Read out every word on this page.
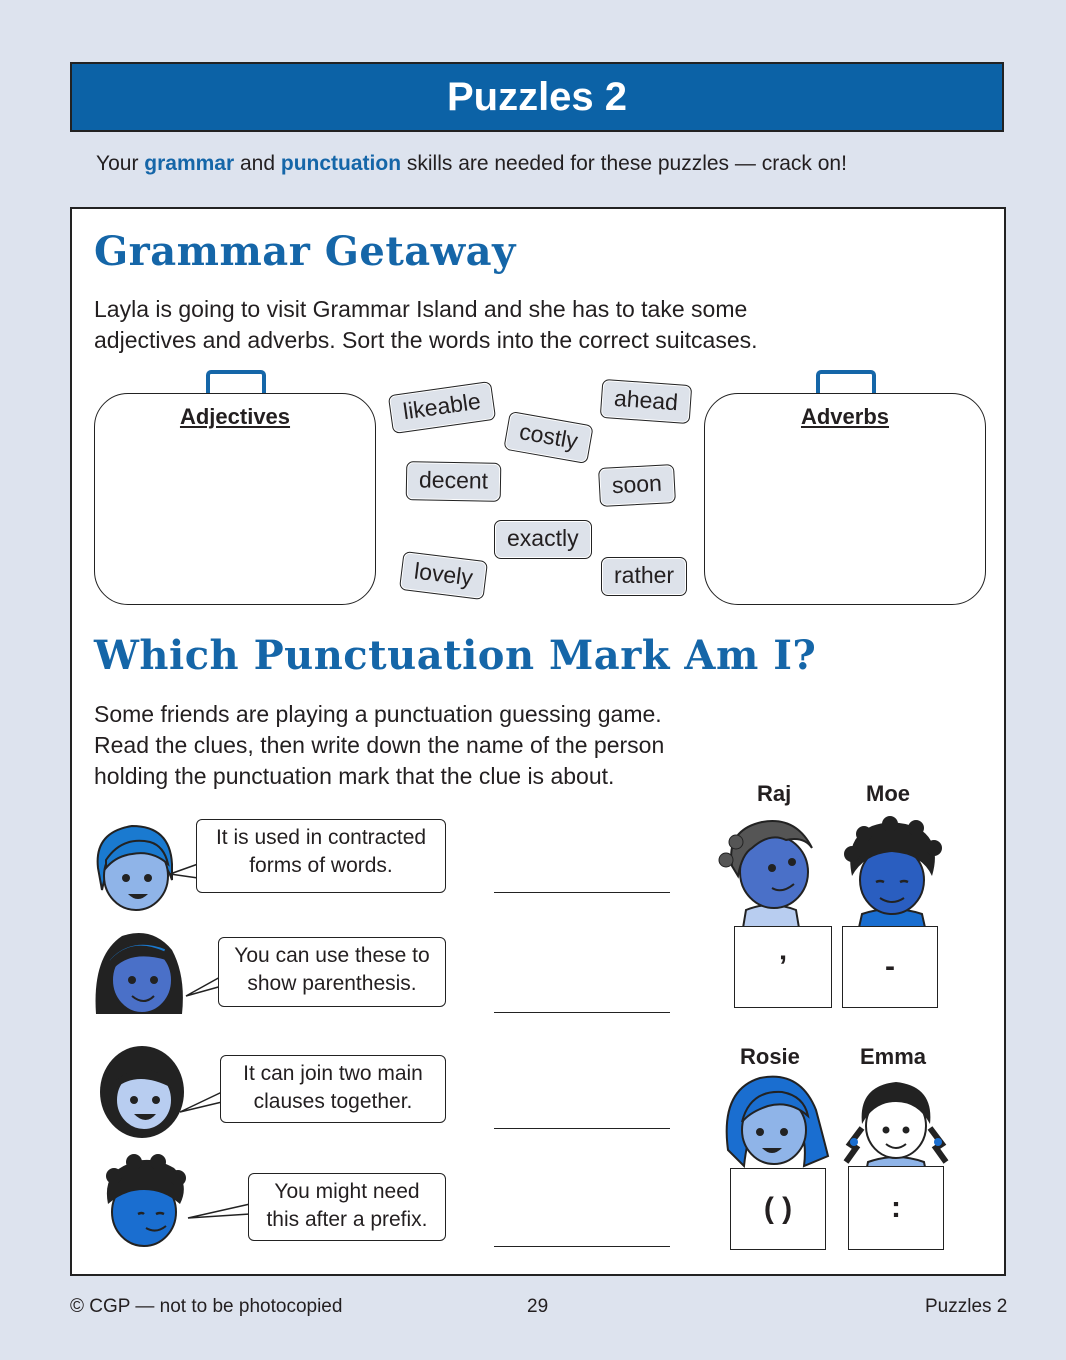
Puzzles 2
Your grammar and punctuation skills are needed for these puzzles — crack on!
Grammar Getaway
Layla is going to visit Grammar Island and she has to take some
adjectives and adverbs. Sort the words into the correct suitcases.
Adjectives	Adverbs
likeable	ahead
costly
decent	soon
exactly
lovely	rather
Which Punctuation Mark Am I?
Some friends are playing a punctuation guessing game.
Read the clues, then write down the name of the person
holding the punctuation mark that the clue is about.
It is used in contracted
forms of words.
You can use these to
show parenthesis.
It can join two main
clauses together.
You might need
this after a prefix.
Raj	Moe
’	-
Rosie	Emma
( )	:
© CGP — not to be photocopied	29	Puzzles 2
